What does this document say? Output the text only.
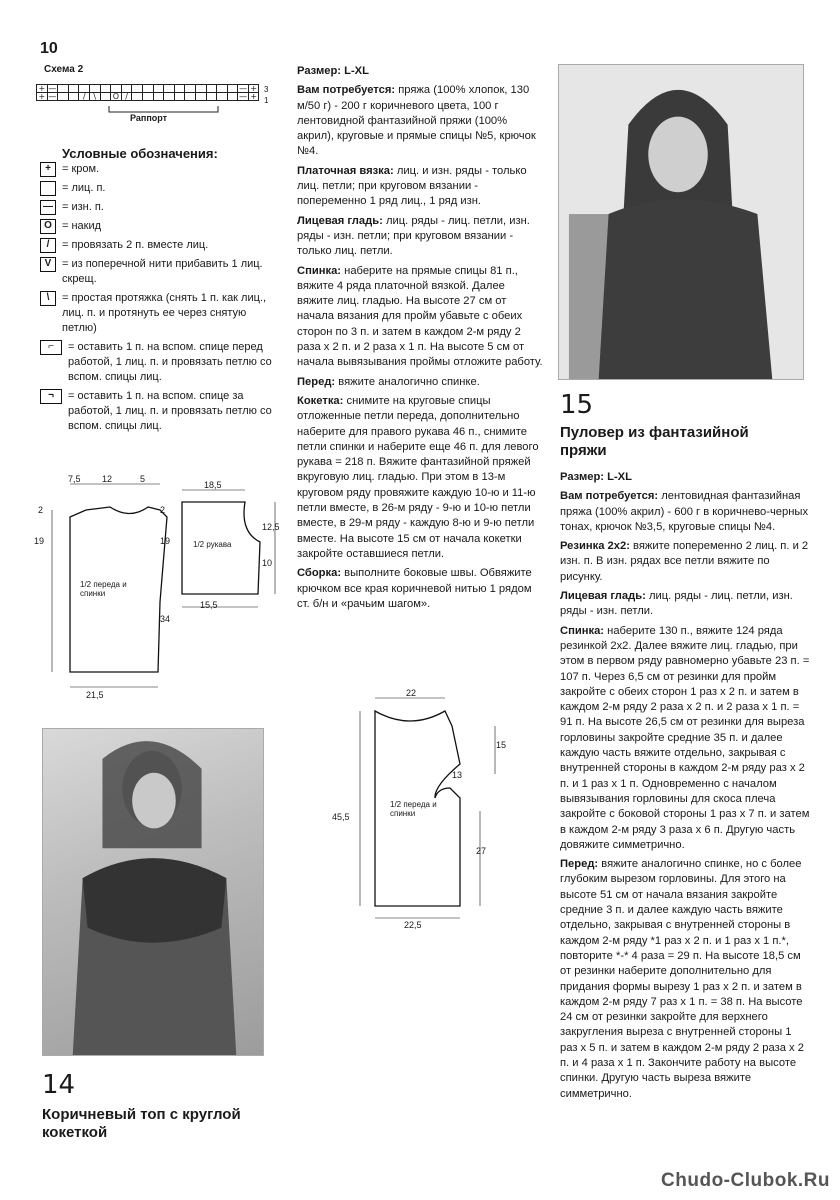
10
Схема 2
+	—																		—	+
+	—			/	\		O	/											—	+
3
1
Раппорт
Условные обозначения:
+	= кром.
= лиц. п.
— = изн. п.
O = накид
/	= провязать 2 п. вместе лиц.
V = из поперечной нити прибавить 1 лиц. скрещ.
\	= простая протяжка (снять 1 п. как лиц., лиц. п. и протянуть ее через снятую петлю)
⌐	= оставить 1 п. на вспом. спице перед работой, 1 лиц. п. и провязать петлю со вспом. спицы лиц.
¬	= оставить 1 п. на вспом. спице за работой, 1 лиц. п. и провязать петлю со вспом. спицы лиц.
7,5 12	5
2	2
19	19
34
21,5
1/2 переда и спинки
18,5
12,5
10
15,5
1/2 рукава

Размер: L-XL

Вам потребуется: пряжа (100% хлопок, 130 м/50 г) - 200 г коричневого цвета, 100 г лентовидной фантазийной пряжи (100% акрил), круговые и прямые спицы №5, крючок №4.

Платочная вязка: лиц. и изн. ряды - только лиц. петли; при круговом вязании - попеременно 1 ряд лиц., 1 ряд изн.

Лицевая гладь: лиц. ряды - лиц. петли, изн. ряды - изн. петли; при круговом вязании - только лиц. петли.

Спинка: наберите на прямые спицы 81 п., вяжите 4 ряда платочной вязкой. Далее вяжите лиц. гладью. На высоте 27 см от начала вязания для пройм убавьте с обеих сторон по 3 п. и затем в каждом 2-м ряду 2 раза х 2 п. и 2 раза х 1 п. На высоте 5 см от начала вывязывания проймы отложите работу.

Перед: вяжите аналогично спинке.

Кокетка: снимите на круговые спицы отложенные петли переда, дополнительно наберите для правого рукава 46 п., снимите петли спинки и наберите еще 46 п. для левого рукава = 218 п. Вяжите фантазийной пряжей вкруговую лиц. гладью. При этом в 13-м круговом ряду провяжите каждую 10-ю и 11-ю петли вместе, в 26-м ряду - 9-ю и 10-ю петли вместе, в 29-м ряду - каждую 8-ю и 9-ю петли вместе. На высоте 15 см от начала кокетки закройте оставшиеся петли.

Сборка: выполните боковые швы. Обвяжите крючком все края коричневой нитью 1 рядом ст. б/н и «рачьим шагом».

22
15
13
45,5
27
22,5
1/2 переда и спинки
14
Коричневый топ с круглой кокеткой
15
Пуловер из фантазийной пряжи

Размер: L-XL

Вам потребуется: лентовидная фантазийная пряжа (100% акрил) - 600 г в коричнево-черных тонах, крючок №3,5, круговые спицы №4.

Резинка 2х2: вяжите попеременно 2 лиц. п. и 2 изн. п. В изн. рядах все петли вяжите по рисунку.

Лицевая гладь: лиц. ряды - лиц. петли, изн. ряды - изн. петли.

Спинка: наберите 130 п., вяжите 124 ряда резинкой 2х2. Далее вяжите лиц. гладью, при этом в первом ряду равномерно убавьте 23 п. = 107 п. Через 6,5 см от резинки для пройм закройте с обеих сторон 1 раз х 2 п. и затем в каждом 2-м ряду 2 раза х 2 п. и 2 раза х 1 п. = 91 п. На высоте 26,5 см от резинки для вырезa горловины закройте средние 35 п. и далее каждую часть вяжите отдельно, закрывая с внутренней стороны в каждом 2-м ряду раз х 2 п. и 1 раз х 1 п. Одновременно с началом вывязывания горловины для скоса плеча закройте с боковой стороны 1 раз х 7 п. и затем в каждом 2-м ряду 3 раза х 6 п. Другую часть довяжите симметрично.

Перед: вяжите аналогично спинке, но с более глубоким вырезом горловины. Для этого на высоте 51 см от начала вязания закройте средние 3 п. и далее каждую часть вяжите отдельно, закрывая с внутренней стороны в каждом 2-м ряду *1 раз х 2 п. и 1 раз х 1 п.*, повторите *-* 4 раза = 29 п. На высоте 18,5 см от резинки наберите дополнительно для придания формы вырезу 1 раз х 2 п. и затем в каждом 2-м ряду 7 раз х 1 п. = 38 п. На высоте 24 см от резинки закройте для верхнего закругления выреза с внутренней стороны 1 раз х 5 п. и затем в каждом 2-м ряду 2 раза х 2 п. и 4 раза х 1 п. Закончите работу на высоте спинки. Другую часть выреза вяжите симметрично.

Chudo-Clubok.Ru
